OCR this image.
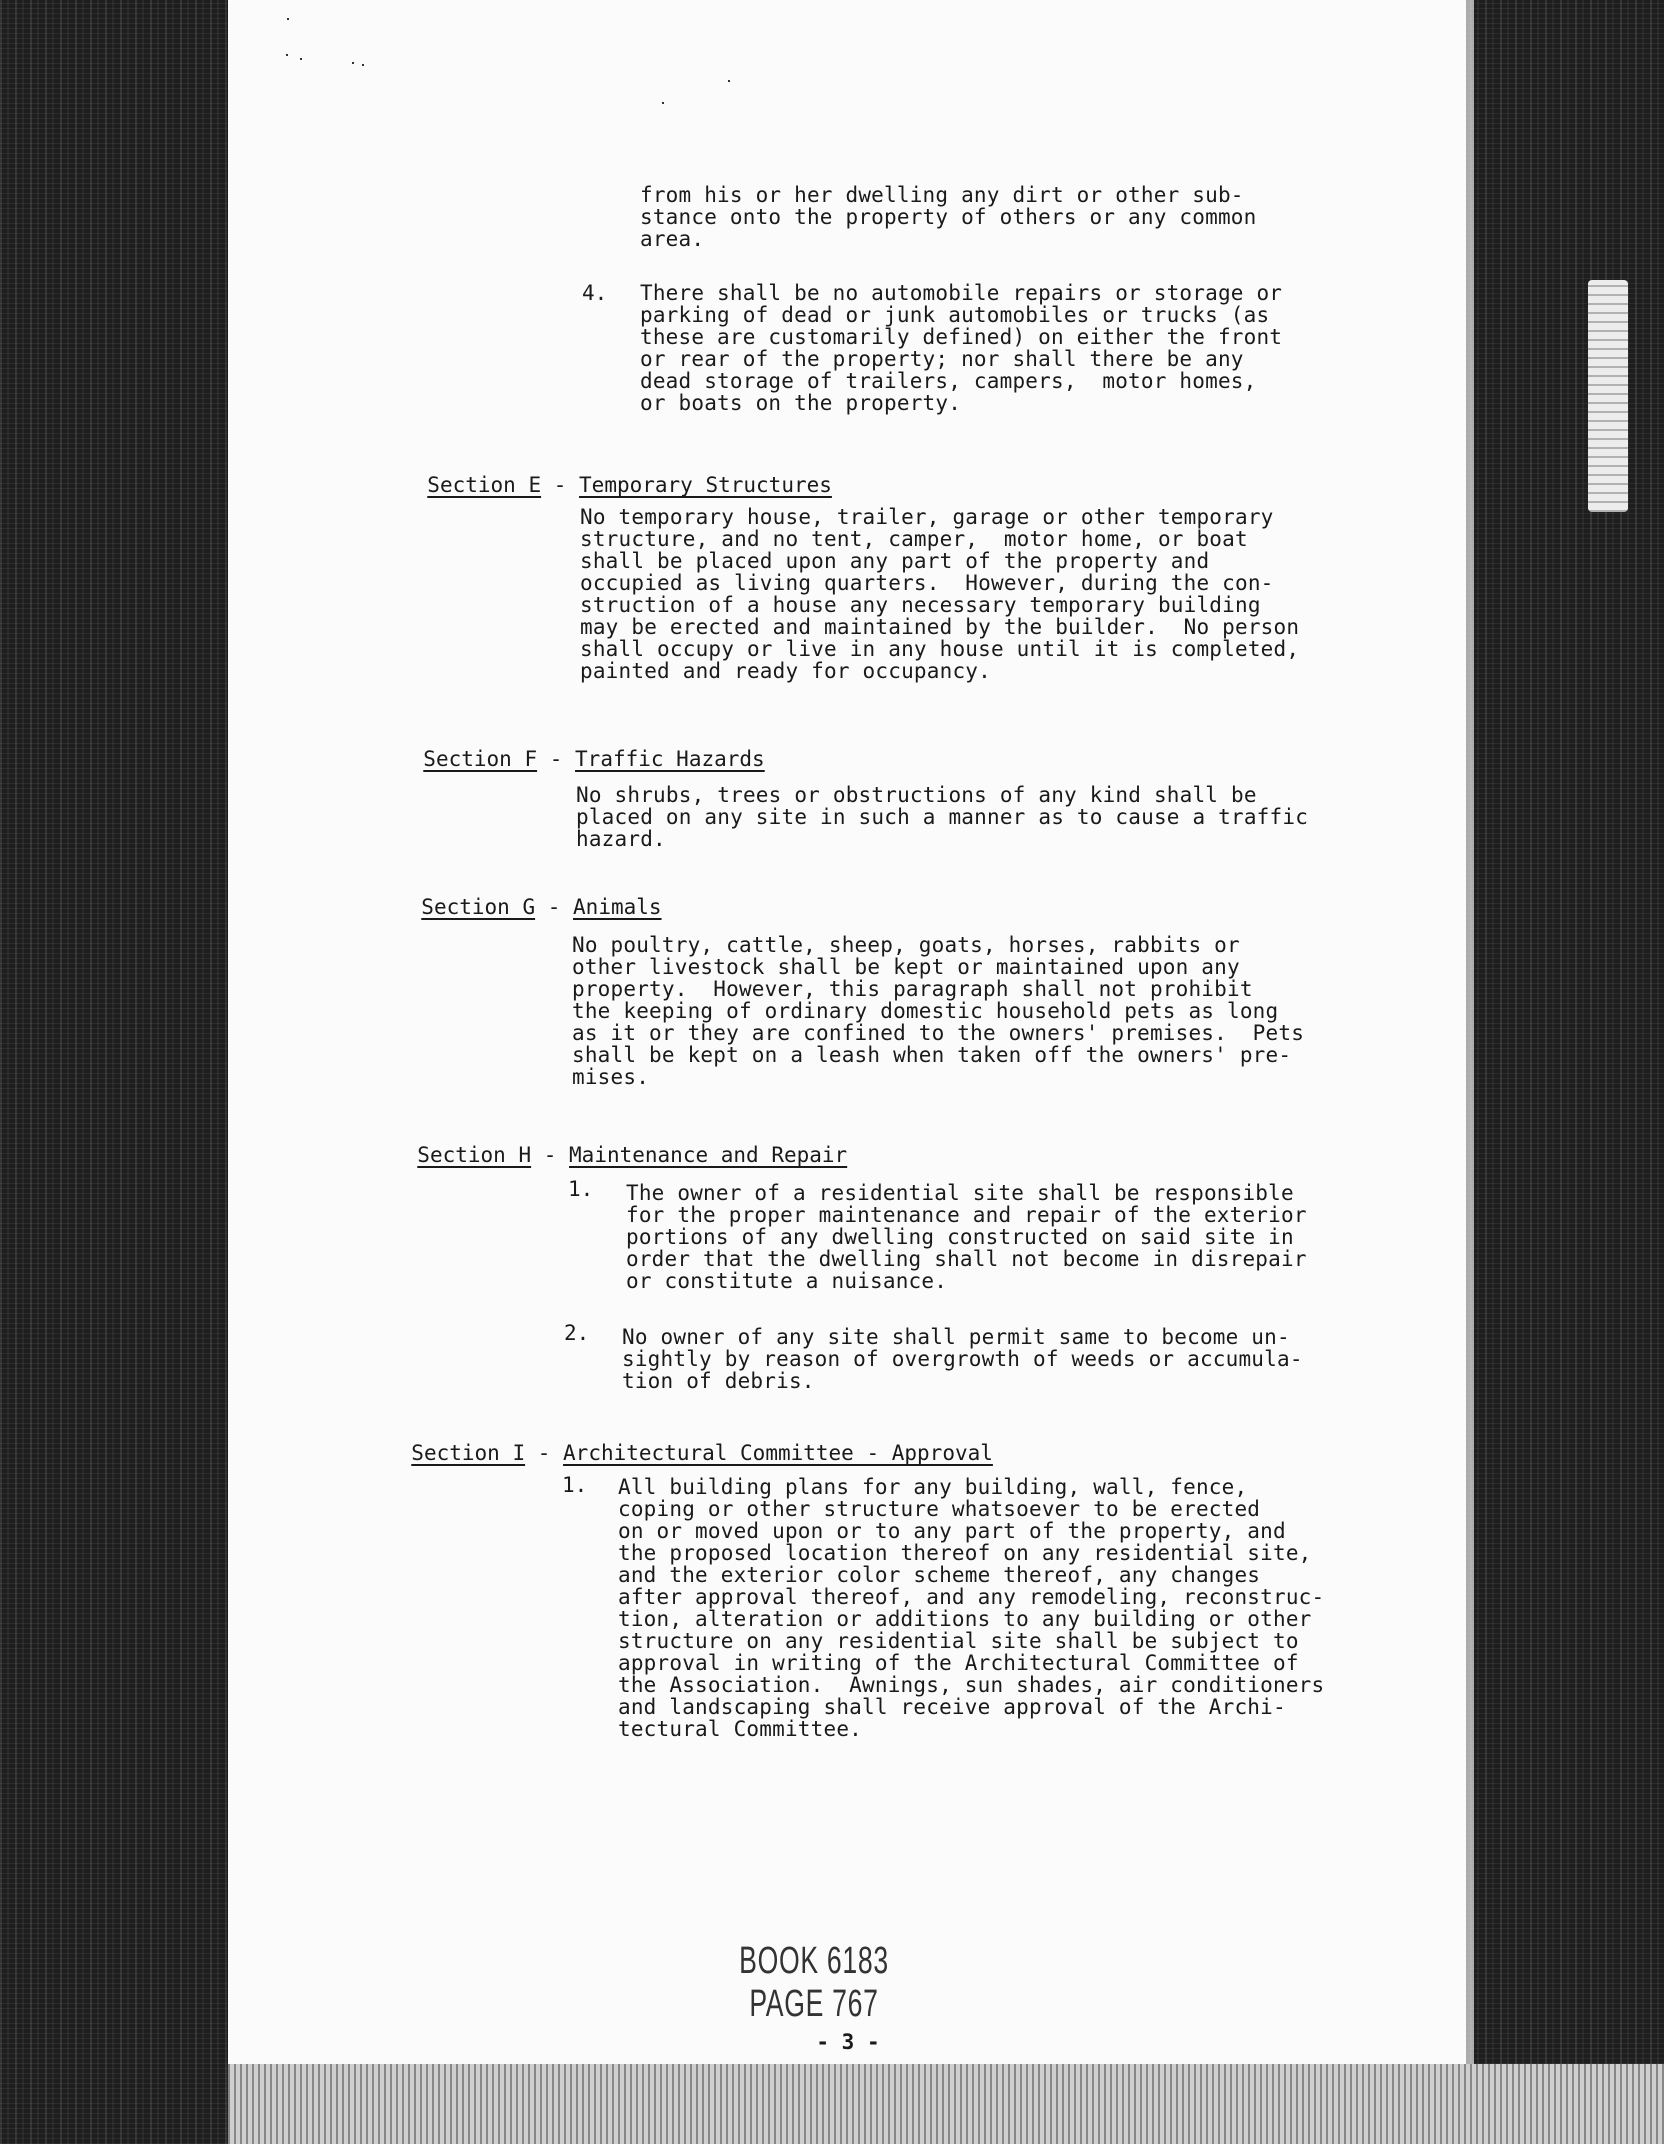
from his or her dwelling any dirt or other sub-
stance onto the property of others or any common
area.

4. There shall be no automobile repairs or storage or
parking of dead or junk automobiles or trucks (as
these are customarily defined) on either the front
or rear of the property; nor shall there be any
dead storage of trailers, campers,  motor homes,
or boats on the property.

Section E - Temporary Structures

No temporary house, trailer, garage or other temporary
structure, and no tent, camper,  motor home, or boat
shall be placed upon any part of the property and
occupied as living quarters.  However, during the con-
struction of a house any necessary temporary building
may be erected and maintained by the builder.  No person
shall occupy or live in any house until it is completed,
painted and ready for occupancy.

Section F - Traffic Hazards

No shrubs, trees or obstructions of any kind shall be
placed on any site in such a manner as to cause a traffic
hazard.

Section G - Animals

No poultry, cattle, sheep, goats, horses, rabbits or
other livestock shall be kept or maintained upon any
property.  However, this paragraph shall not prohibit
the keeping of ordinary domestic household pets as long
as it or they are confined to the owners' premises.  Pets
shall be kept on a leash when taken off the owners' pre-
mises.

Section H - Maintenance and Repair

1. The owner of a residential site shall be responsible
for the proper maintenance and repair of the exterior
portions of any dwelling constructed on said site in
order that the dwelling shall not become in disrepair
or constitute a nuisance.

2. No owner of any site shall permit same to become un-
sightly by reason of overgrowth of weeds or accumula-
tion of debris.

Section I - Architectural Committee - Approval

1. All building plans for any building, wall, fence,
coping or other structure whatsoever to be erected
on or moved upon or to any part of the property, and
the proposed location thereof on any residential site,
and the exterior color scheme thereof, any changes
after approval thereof, and any remodeling, reconstruc-
tion, alteration or additions to any building or other
structure on any residential site shall be subject to
approval in writing of the Architectural Committee of
the Association.  Awnings, sun shades, air conditioners
and landscaping shall receive approval of the Archi-
tectural Committee.

BOOK 6183 PAGE 767
- 3 -
